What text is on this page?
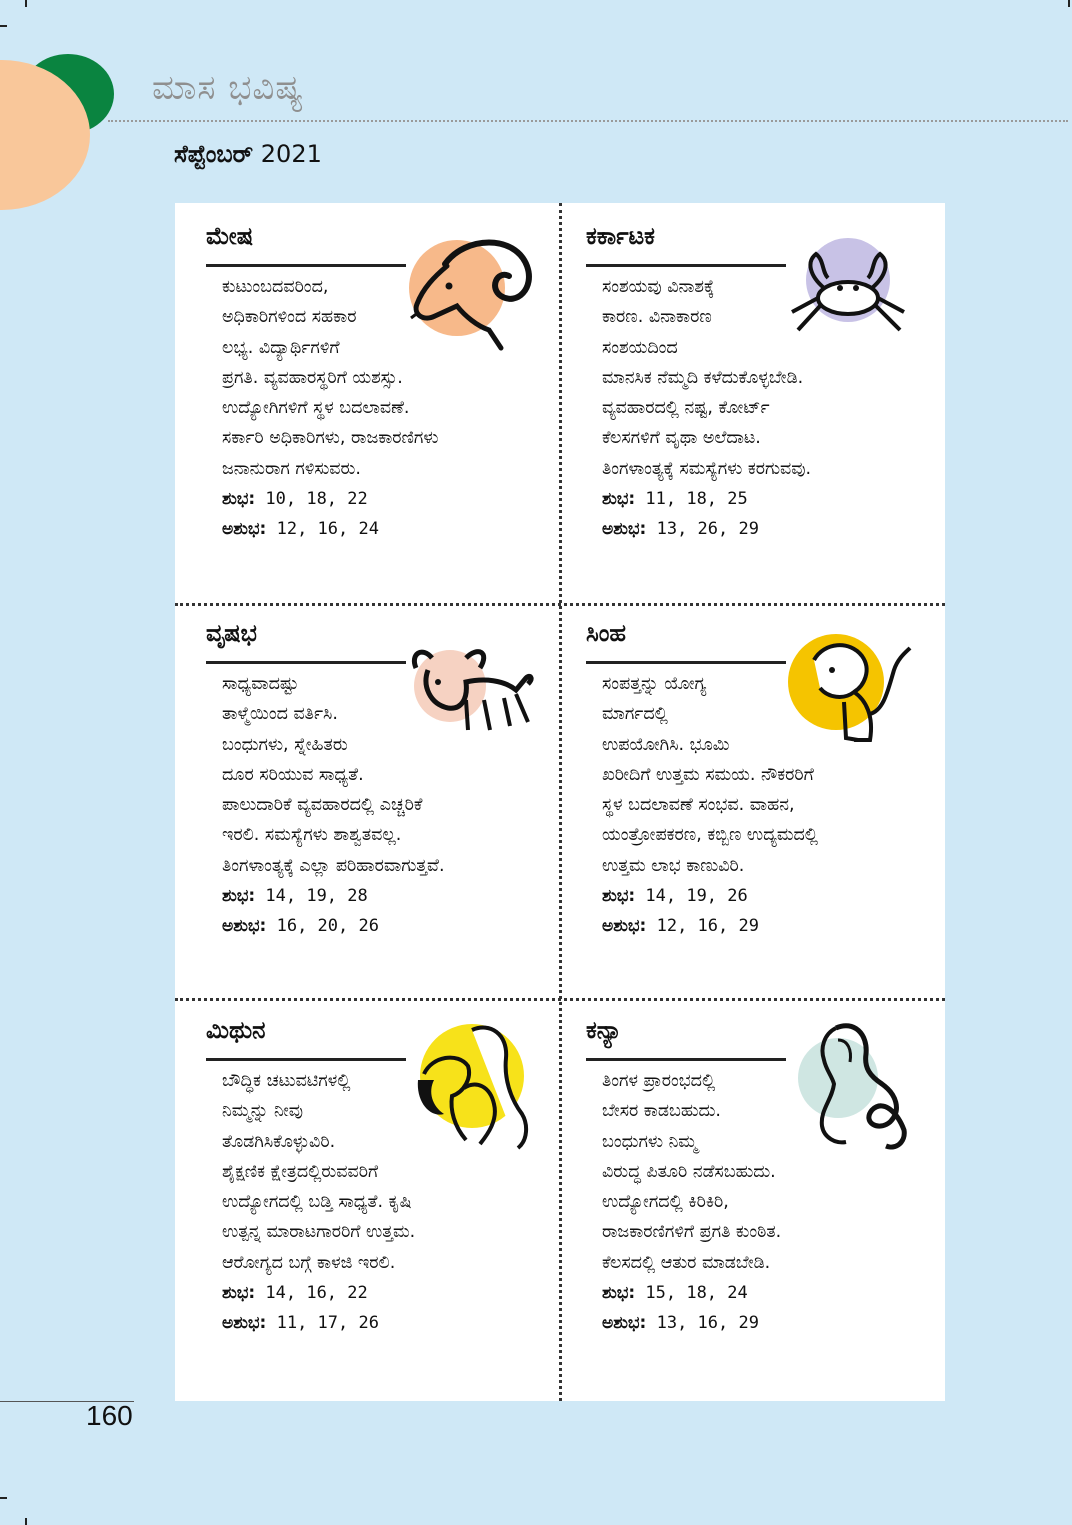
ಮಾಸ ಭವಿಷ್ಯ
ಸೆಪ್ಟೆಂಬರ್ 2021
ಮೇಷ
ಕುಟುಂಬದವರಿಂದ,
ಅಧಿಕಾರಿಗಳಿಂದ ಸಹಕಾರ
ಲಭ್ಯ. ವಿದ್ಯಾರ್ಥಿಗಳಿಗೆ
ಪ್ರಗತಿ. ವ್ಯವಹಾರಸ್ಥರಿಗೆ ಯಶಸ್ಸು.
ಉದ್ಯೋಗಿಗಳಿಗೆ ಸ್ಥಳ ಬದಲಾವಣೆ.
ಸರ್ಕಾರಿ ಅಧಿಕಾರಿಗಳು, ರಾಜಕಾರಣಿಗಳು
ಜನಾನುರಾಗ ಗಳಿಸುವರು.
ಶುಭ: 10, 18, 22
ಅಶುಭ: 12, 16, 24
ಕರ್ಕಾಟಕ
ಸಂಶಯವು ವಿನಾಶಕ್ಕೆ
ಕಾರಣ. ವಿನಾಕಾರಣ
ಸಂಶಯದಿಂದ
ಮಾನಸಿಕ ನೆಮ್ಮದಿ ಕಳೆದುಕೊಳ್ಳಬೇಡಿ.
ವ್ಯವಹಾರದಲ್ಲಿ ನಷ್ಟ, ಕೋರ್ಟ್
ಕೆಲಸಗಳಿಗೆ ವೃಥಾ ಅಲೆದಾಟ.
ತಿಂಗಳಾಂತ್ಯಕ್ಕೆ ಸಮಸ್ಯೆಗಳು ಕರಗುವವು.
ಶುಭ: 11, 18, 25
ಅಶುಭ: 13, 26, 29
ವೃಷಭ
ಸಾಧ್ಯವಾದಷ್ಟು
ತಾಳ್ಮೆಯಿಂದ ವರ್ತಿಸಿ.
ಬಂಧುಗಳು, ಸ್ನೇಹಿತರು
ದೂರ ಸರಿಯುವ ಸಾಧ್ಯತೆ.
ಪಾಲುದಾರಿಕೆ ವ್ಯವಹಾರದಲ್ಲಿ ಎಚ್ಚರಿಕೆ
ಇರಲಿ. ಸಮಸ್ಯೆಗಳು ಶಾಶ್ವತವಲ್ಲ.
ತಿಂಗಳಾಂತ್ಯಕ್ಕೆ ಎಲ್ಲಾ ಪರಿಹಾರವಾಗುತ್ತವೆ.
ಶುಭ: 14, 19, 28
ಅಶುಭ: 16, 20, 26
ಸಿಂಹ
ಸಂಪತ್ತನ್ನು ಯೋಗ್ಯ
ಮಾರ್ಗದಲ್ಲಿ
ಉಪಯೋಗಿಸಿ. ಭೂಮಿ
ಖರೀದಿಗೆ ಉತ್ತಮ ಸಮಯ. ನೌಕರರಿಗೆ
ಸ್ಥಳ ಬದಲಾವಣೆ ಸಂಭವ. ವಾಹನ,
ಯಂತ್ರೋಪಕರಣ, ಕಬ್ಬಿಣ ಉದ್ಯಮದಲ್ಲಿ
ಉತ್ತಮ ಲಾಭ ಕಾಣುವಿರಿ.
ಶುಭ: 14, 19, 26
ಅಶುಭ: 12, 16, 29
ಮಿಥುನ
ಬೌದ್ಧಿಕ ಚಟುವಟಿಗಳಲ್ಲಿ
ನಿಮ್ಮನ್ನು ನೀವು
ತೊಡಗಿಸಿಕೊಳ್ಳುವಿರಿ.
ಶೈಕ್ಷಣಿಕ ಕ್ಷೇತ್ರದಲ್ಲಿರುವವರಿಗೆ
ಉದ್ಯೋಗದಲ್ಲಿ ಬಡ್ತಿ ಸಾಧ್ಯತೆ. ಕೃಷಿ
ಉತ್ಪನ್ನ ಮಾರಾಟಗಾರರಿಗೆ ಉತ್ತಮ.
ಆರೋಗ್ಯದ ಬಗ್ಗೆ ಕಾಳಜಿ ಇರಲಿ.
ಶುಭ: 14, 16, 22
ಅಶುಭ: 11, 17, 26
ಕನ್ಯಾ
ತಿಂಗಳ ಪ್ರಾರಂಭದಲ್ಲಿ
ಬೇಸರ ಕಾಡಬಹುದು.
ಬಂಧುಗಳು ನಿಮ್ಮ
ವಿರುದ್ಧ ಪಿತೂರಿ ನಡೆಸಬಹುದು.
ಉದ್ಯೋಗದಲ್ಲಿ ಕಿರಿಕಿರಿ,
ರಾಜಕಾರಣಿಗಳಿಗೆ ಪ್ರಗತಿ ಕುಂಠಿತ.
ಕೆಲಸದಲ್ಲಿ ಆತುರ ಮಾಡಬೇಡಿ.
ಶುಭ: 15, 18, 24
ಅಶುಭ: 13, 16, 29
160
